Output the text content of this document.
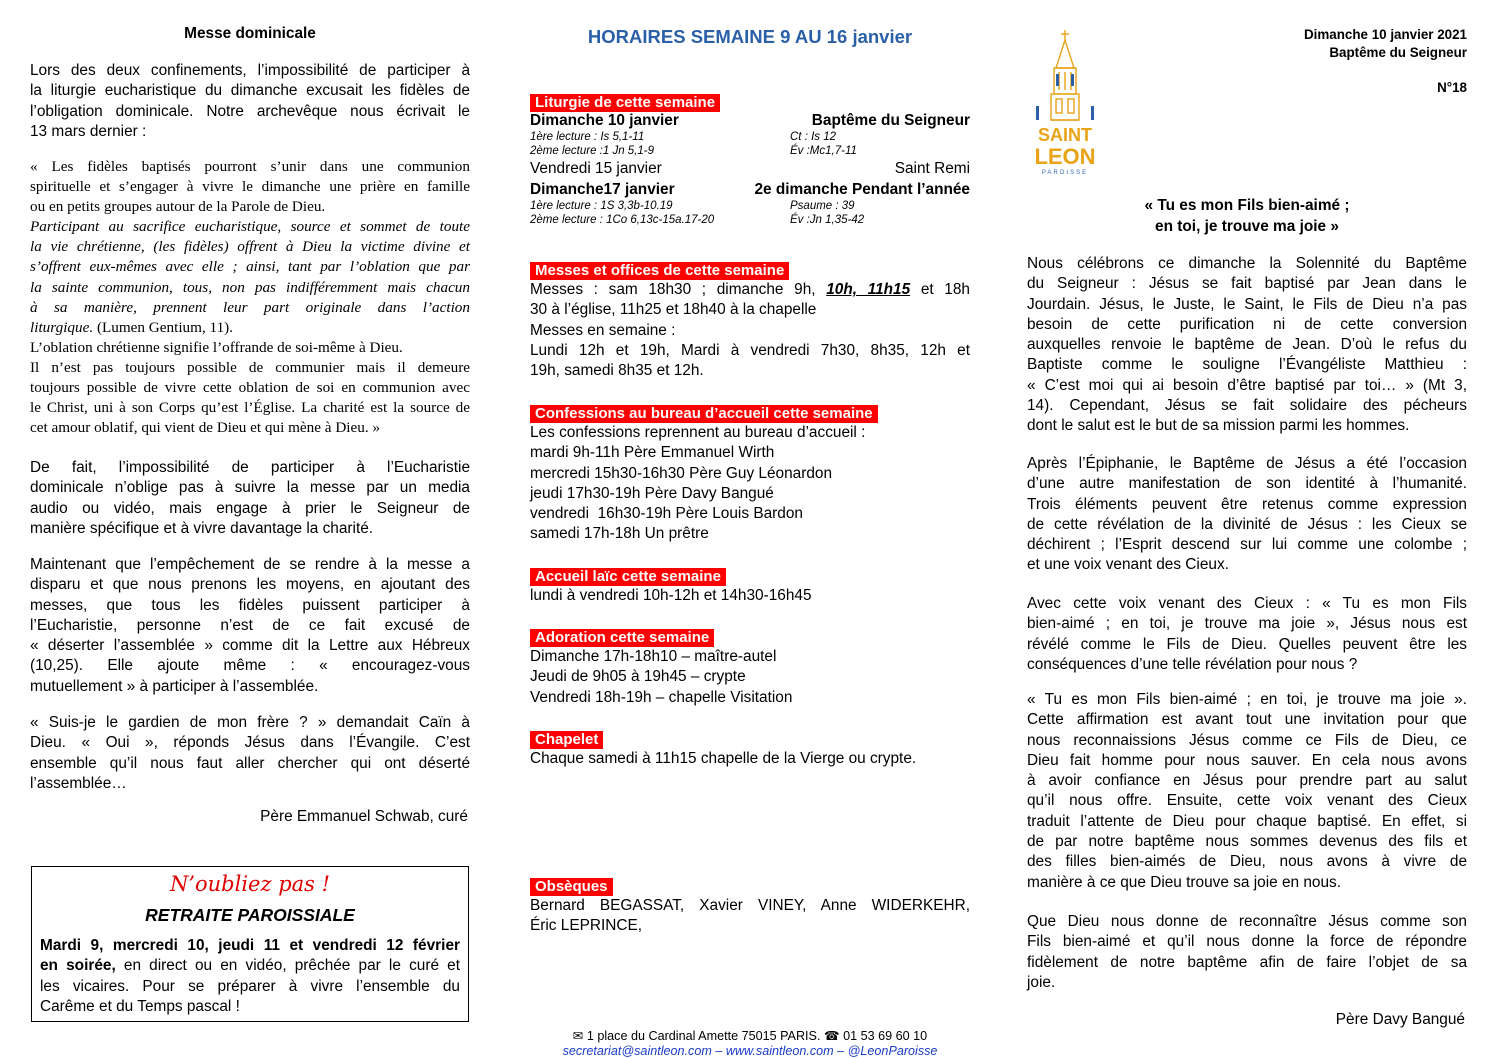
Messe dominicale
Lors des deux confinements, l’impossibilité de participer à
la liturgie eucharistique du dimanche excusait les fidèles de
l’obligation dominicale. Notre archevêque nous écrivait le
13 mars dernier :
« Les fidèles baptisés pourront s’unir dans une communion
spirituelle et s’engager à vivre le dimanche une prière en famille
ou en petits groupes autour de la Parole de Dieu.
Participant au sacrifice eucharistique, source et sommet de toute
la vie chrétienne, (les fidèles) offrent à Dieu la victime divine et
s’offrent eux-mêmes avec elle ; ainsi, tant par l’oblation que par
la sainte communion, tous, non pas indifféremment mais chacun
à sa manière, prennent leur part originale dans l’action
liturgique. (Lumen Gentium, 11).
L’oblation chrétienne signifie l’offrande de soi-même à Dieu.
Il n’est pas toujours possible de communier mais il demeure
toujours possible de vivre cette oblation de soi en communion avec
le Christ, uni à son Corps qu’est l’Église. La charité est la source de
cet amour oblatif, qui vient de Dieu et qui mène à Dieu. »
De fait, l’impossibilité de participer à l’Eucharistie
dominicale n’oblige pas à suivre la messe par un media
audio ou vidéo, mais engage à prier le Seigneur de
manière spécifique et à vivre davantage la charité.
Maintenant que l’empêchement de se rendre à la messe a
disparu et que nous prenons les moyens, en ajoutant des
messes, que tous les fidèles puissent participer à
l’Eucharistie, personne n’est de ce fait excusé de
« déserter l’assemblée » comme dit la Lettre aux Hébreux
(10,25). Elle ajoute même : « encouragez-vous
mutuellement » à participer à l’assemblée.
« Suis-je le gardien de mon frère ? » demandait Caïn à
Dieu. « Oui », réponds Jésus dans l’Évangile. C’est
ensemble qu’il nous faut aller chercher qui ont déserté
l’assemblée…
Père Emmanuel Schwab, curé
N’oubliez pas !
RETRAITE PAROISSIALE
Mardi 9, mercredi 10, jeudi 11 et vendredi 12 février
en soirée, en direct ou en vidéo, prêchée par le curé et
les vicaires. Pour se préparer à vivre l’ensemble du
Carême et du Temps pascal !
HORAIRES SEMAINE 9 AU 16 janvier
Liturgie de cette semaine
Dimanche 10 janvier	Baptême du Seigneur
1ère lecture : Is 5,1-11	Ct : Is 12
2ème lecture :1 Jn 5,1-9	Év :Mc1,7-11
Vendredi 15 janvier	Saint Remi
Dimanche17 janvier	2e dimanche Pendant l’année
1ère lecture : 1S 3,3b-10.19	Psaume : 39
2ème lecture : 1Co 6,13c-15a.17-20	Év :Jn 1,35-42
Messes et offices de cette semaine
Messes : sam 18h30 ; dimanche 9h, 10h, 11h15 et 18h
30 à l’église, 11h25 et 18h40 à la chapelle
Messes en semaine :
Lundi 12h et 19h, Mardi à vendredi 7h30, 8h35, 12h et
19h, samedi 8h35 et 12h.
Confessions au bureau d’accueil cette semaine
Les confessions reprennent au bureau d’accueil :
mardi 9h-11h Père Emmanuel Wirth
mercredi 15h30-16h30 Père Guy Léonardon
jeudi 17h30-19h Père Davy Bangué
vendredi  16h30-19h Père Louis Bardon
samedi 17h-18h Un prêtre
Accueil laïc cette semaine
lundi à vendredi 10h-12h et 14h30-16h45
Adoration cette semaine
Dimanche 17h-18h10 – maître-autel
Jeudi de 9h05 à 19h45 – crypte
Vendredi 18h-19h – chapelle Visitation
Chapelet
Chaque samedi à 11h15 chapelle de la Vierge ou crypte.
Obsèques
Bernard BEGASSAT, Xavier VINEY, Anne WIDERKEHR,
Éric LEPRINCE,
✉ 1 place du Cardinal Amette 75015 PARIS. ☎ 01 53 69 60 10
secretariat@saintleon.com – www.saintleon.com – @LeonParoisse
Dimanche 10 janvier 2021
Baptême du Seigneur
N°18
« Tu es mon Fils bien-aimé ;
en toi, je trouve ma joie »
Nous célébrons ce dimanche la Solennité du Baptême
du Seigneur : Jésus se fait baptisé par Jean dans le
Jourdain. Jésus, le Juste, le Saint, le Fils de Dieu n’a pas
besoin de cette purification ni de cette conversion
auxquelles renvoie le baptême de Jean. D’où le refus du
Baptiste comme le souligne l’Évangéliste Matthieu :
« C’est moi qui ai besoin d’être baptisé par toi… » (Mt 3,
14). Cependant, Jésus se fait solidaire des pécheurs
dont le salut est le but de sa mission parmi les hommes.
Après l’Épiphanie, le Baptême de Jésus a été l’occasion
d’une autre manifestation de son identité à l’humanité.
Trois éléments peuvent être retenus comme expression
de cette révélation de la divinité de Jésus : les Cieux se
déchirent ; l’Esprit descend sur lui comme une colombe ;
et une voix venant des Cieux.
Avec cette voix venant des Cieux : « Tu es mon Fils
bien-aimé ; en toi, je trouve ma joie », Jésus nous est
révélé comme le Fils de Dieu. Quelles peuvent être les
conséquences d’une telle révélation pour nous ?
« Tu es mon Fils bien-aimé ; en toi, je trouve ma joie ».
Cette affirmation est avant tout une invitation pour que
nous reconnaissions Jésus comme ce Fils de Dieu, ce
Dieu fait homme pour nous sauver. En cela nous avons
à avoir confiance en Jésus pour prendre part au salut
qu’il nous offre. Ensuite, cette voix venant des Cieux
traduit l’attente de Dieu pour chaque baptisé. En effet, si
de par notre baptême nous sommes devenus des fils et
des filles bien-aimés de Dieu, nous avons à vivre de
manière à ce que Dieu trouve sa joie en nous.
Que Dieu nous donne de reconnaître Jésus comme son
Fils bien-aimé et qu’il nous donne la force de répondre
fidèlement de notre baptême afin de faire l’objet de sa
joie.
Père Davy Bangué
SAINT
LEON
PAROISSE
